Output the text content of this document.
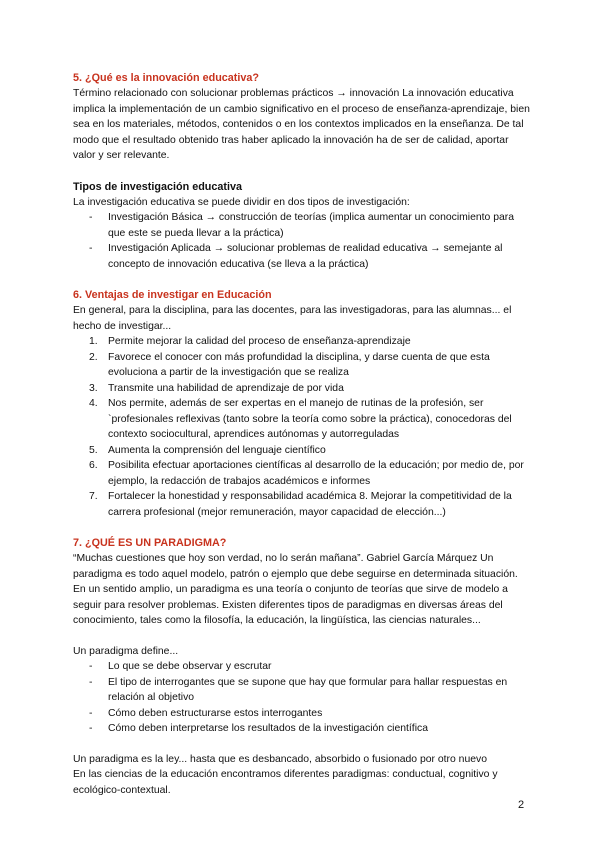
5. ¿Qué es la innovación educativa?

Término relacionado con solucionar problemas prácticos → innovación La innovación educativa implica la implementación de un cambio significativo en el proceso de enseñanza-aprendizaje, bien sea en los materiales, métodos, contenidos o en los contextos implicados en la enseñanza. De tal modo que el resultado obtenido tras haber aplicado la innovación ha de ser de calidad, aportar valor y ser relevante.

Tipos de investigación educativa

La investigación educativa se puede dividir en dos tipos de investigación:

- Investigación Básica → construcción de teorías (implica aumentar un conocimiento para que este se pueda llevar a la práctica)
- Investigación Aplicada → solucionar problemas de realidad educativa → semejante al concepto de innovación educativa (se lleva a la práctica)
6. Ventajas de investigar en Educación

En general, para la disciplina, para las docentes, para las investigadoras, para las alumnas... el hecho de investigar...

1. Permite mejorar la calidad del proceso de enseñanza-aprendizaje
2. Favorece el conocer con más profundidad la disciplina, y darse cuenta de que esta evoluciona a partir de la investigación que se realiza
3. Transmite una habilidad de aprendizaje de por vida
4. Nos permite, además de ser expertas en el manejo de rutinas de la profesión, ser `profesionales reflexivas (tanto sobre la teoría como sobre la práctica), conocedoras del contexto sociocultural, aprendices autónomas y autorreguladas
5. Aumenta la comprensión del lenguaje científico
6. Posibilita efectuar aportaciones científicas al desarrollo de la educación; por medio de, por ejemplo, la redacción de trabajos académicos e informes
7. Fortalecer la honestidad y responsabilidad académica 8. Mejorar la competitividad de la carrera profesional (mejor remuneración, mayor capacidad de elección...)
7. ¿QUÉ ES UN PARADIGMA?

“Muchas cuestiones que hoy son verdad, no lo serán mañana”. Gabriel García Márquez Un paradigma es todo aquel modelo, patrón o ejemplo que debe seguirse en determinada situación. En un sentido amplio, un paradigma es una teoría o conjunto de teorías que sirve de modelo a seguir para resolver problemas. Existen diferentes tipos de paradigmas en diversas áreas del conocimiento, tales como la filosofía, la educación, la lingüística, las ciencias naturales...

Un paradigma define...

- Lo que se debe observar y escrutar
- El tipo de interrogantes que se supone que hay que formular para hallar respuestas en relación al objetivo
- Cómo deben estructurarse estos interrogantes
- Cómo deben interpretarse los resultados de la investigación científica

Un paradigma es la ley... hasta que es desbancado, absorbido o fusionado por otro nuevo

En las ciencias de la educación encontramos diferentes paradigmas: conductual, cognitivo y ecológico-contextual.

2
